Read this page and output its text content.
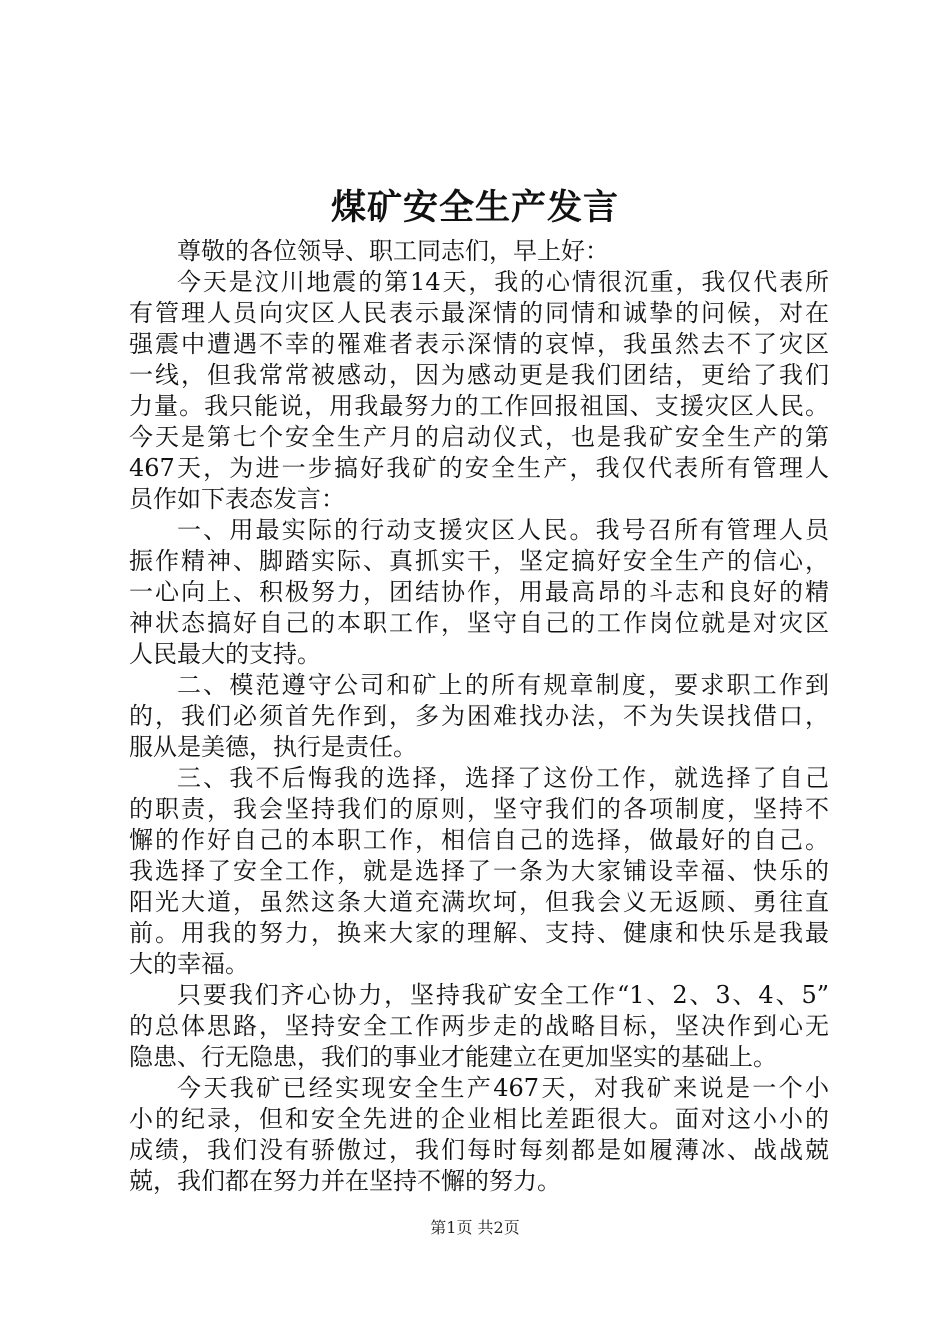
煤矿安全生产发言
尊敬的各位领导、职工同志们，早上好：
今天是汶川地震的第14天，我的心情很沉重，我仅代表所
有管理人员向灾区人民表示最深情的同情和诚挚的问候，对在
强震中遭遇不幸的罹难者表示深情的哀悼，我虽然去不了灾区
一线，但我常常被感动，因为感动更是我们团结，更给了我们
力量。我只能说，用我最努力的工作回报祖国、支援灾区人民。
今天是第七个安全生产月的启动仪式，也是我矿安全生产的第
467天，为进一步搞好我矿的安全生产，我仅代表所有管理人
员作如下表态发言：
一、用最实际的行动支援灾区人民。我号召所有管理人员
振作精神、脚踏实际、真抓实干，坚定搞好安全生产的信心，
一心向上、积极努力，团结协作，用最高昂的斗志和良好的精
神状态搞好自己的本职工作，坚守自己的工作岗位就是对灾区
人民最大的支持。
二、模范遵守公司和矿上的所有规章制度，要求职工作到
的，我们必须首先作到，多为困难找办法，不为失误找借口，
服从是美德，执行是责任。
三、我不后悔我的选择，选择了这份工作，就选择了自己
的职责，我会坚持我们的原则，坚守我们的各项制度，坚持不
懈的作好自己的本职工作，相信自己的选择，做最好的自己。
我选择了安全工作，就是选择了一条为大家铺设幸福、快乐的
阳光大道，虽然这条大道充满坎坷，但我会义无返顾、勇往直
前。用我的努力，换来大家的理解、支持、健康和快乐是我最
大的幸福。
只要我们齐心协力，坚持我矿安全工作“1、2、3、4、5”
的总体思路，坚持安全工作两步走的战略目标，坚决作到心无
隐患、行无隐患，我们的事业才能建立在更加坚实的基础上。
今天我矿已经实现安全生产467天，对我矿来说是一个小
小的纪录，但和安全先进的企业相比差距很大。面对这小小的
成绩，我们没有骄傲过，我们每时每刻都是如履薄冰、战战兢
兢，我们都在努力并在坚持不懈的努力。
第1页 共2页
